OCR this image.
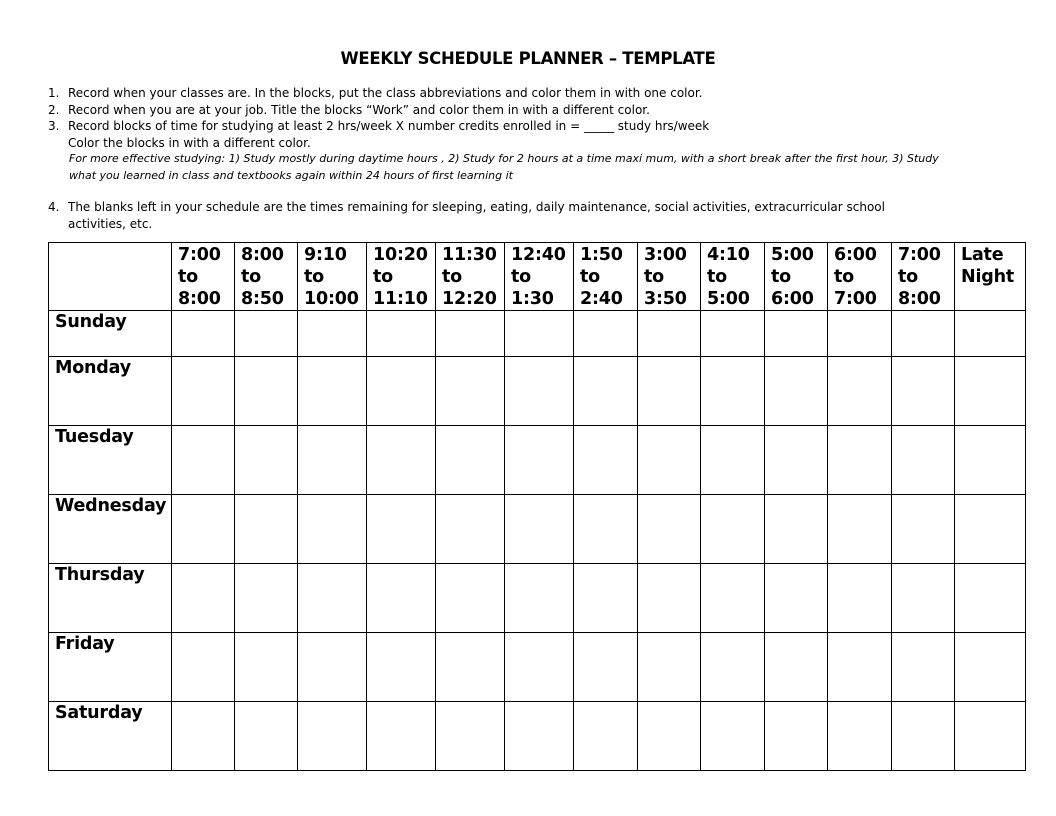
WEEKLY SCHEDULE PLANNER – TEMPLATE
1. Record when your classes are. In the blocks, put the class abbreviations and color them in with one color.
2. Record when you are at your job. Title the blocks “Work” and color them in with a different color.
3. Record blocks of time for studying at least 2 hrs/week X number credits enrolled in = _____ study hrs/week
Color the blocks in with a different color.
For more effective studying: 1) Study mostly during daytime hours , 2) Study for 2 hours at a time maxi mum, with a short break after the first hour, 3) Study
what you learned in class and textbooks again within 24 hours of first learning it
4. The blanks left in your schedule are the times remaining for sleeping, eating, daily maintenance, social activities, extracurricular school
activities, etc.

	7:00
to
8:00	8:00
to
8:50	9:10
to
10:00	10:20
to
11:10	11:30
to
12:20	12:40
to
1:30	1:50
to
2:40	3:00
to
3:50	4:10
to
5:00	5:00
to
6:00	6:00
to
7:00	7:00
to
8:00	Late
Night

Sunday													
Monday													
Tuesday													
Wednesday													
Thursday													
Friday													
Saturday													
